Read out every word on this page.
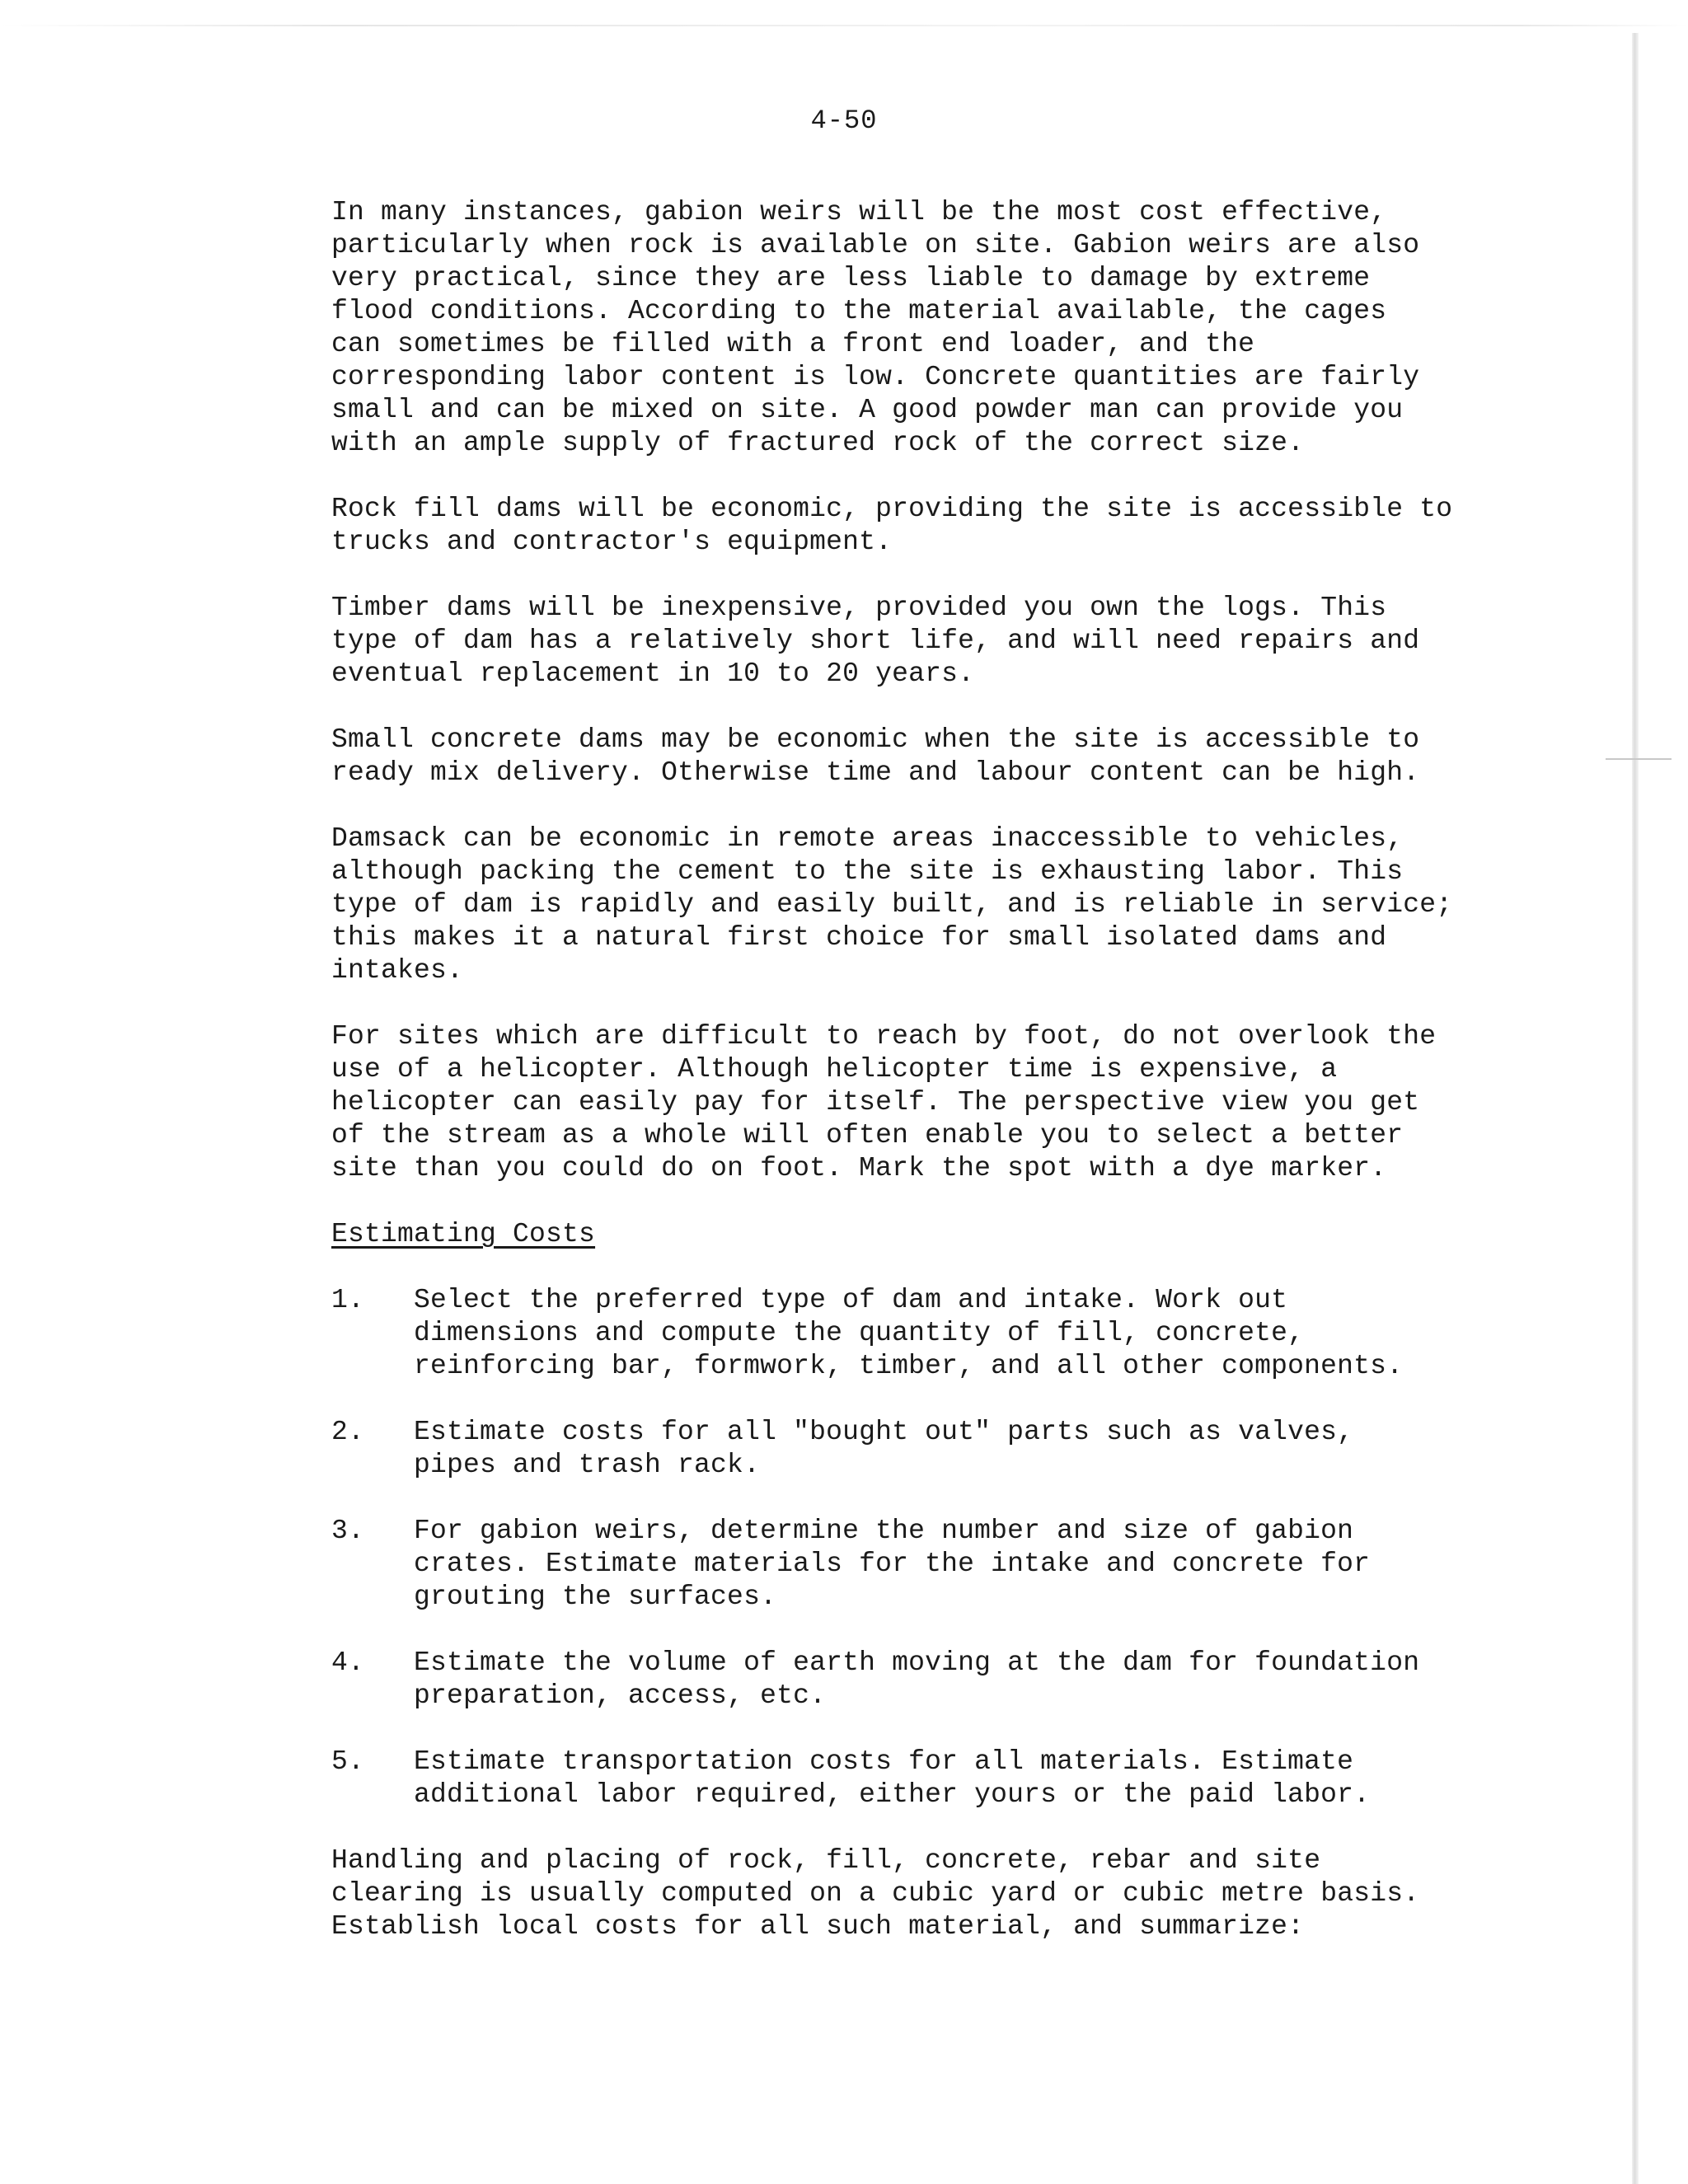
4-50

In many instances, gabion weirs will be the most cost effective,
particularly when rock is available on site. Gabion weirs are also
very practical, since they are less liable to damage by extreme
flood conditions. According to the material available, the cages
can sometimes be filled with a front end loader, and the
corresponding labor content is low. Concrete quantities are fairly
small and can be mixed on site. A good powder man can provide you
with an ample supply of fractured rock of the correct size.

Rock fill dams will be economic, providing the site is accessible to
trucks and contractor's equipment.

Timber dams will be inexpensive, provided you own the logs. This
type of dam has a relatively short life, and will need repairs and
eventual replacement in 10 to 20 years.

Small concrete dams may be economic when the site is accessible to
ready mix delivery. Otherwise time and labour content can be high.

Damsack can be economic in remote areas inaccessible to vehicles,
although packing the cement to the site is exhausting labor. This
type of dam is rapidly and easily built, and is reliable in service;
this makes it a natural first choice for small isolated dams and
intakes.

For sites which are difficult to reach by foot, do not overlook the
use of a helicopter. Although helicopter time is expensive, a
helicopter can easily pay for itself. The perspective view you get
of the stream as a whole will often enable you to select a better
site than you could do on foot. Mark the spot with a dye marker.

Estimating Costs
1.	Select the preferred type of dam and intake. Work out
dimensions and compute the quantity of fill, concrete,
reinforcing bar, formwork, timber, and all other components.
2.	Estimate costs for all "bought out" parts such as valves,
pipes and trash rack.
3.	For gabion weirs, determine the number and size of gabion
crates. Estimate materials for the intake and concrete for
grouting the surfaces.
4.	Estimate the volume of earth moving at the dam for foundation
preparation, access, etc.
5.	Estimate transportation costs for all materials. Estimate
additional labor required, either yours or the paid labor.

Handling and placing of rock, fill, concrete, rebar and site
clearing is usually computed on a cubic yard or cubic metre basis.
Establish local costs for all such material, and summarize:
